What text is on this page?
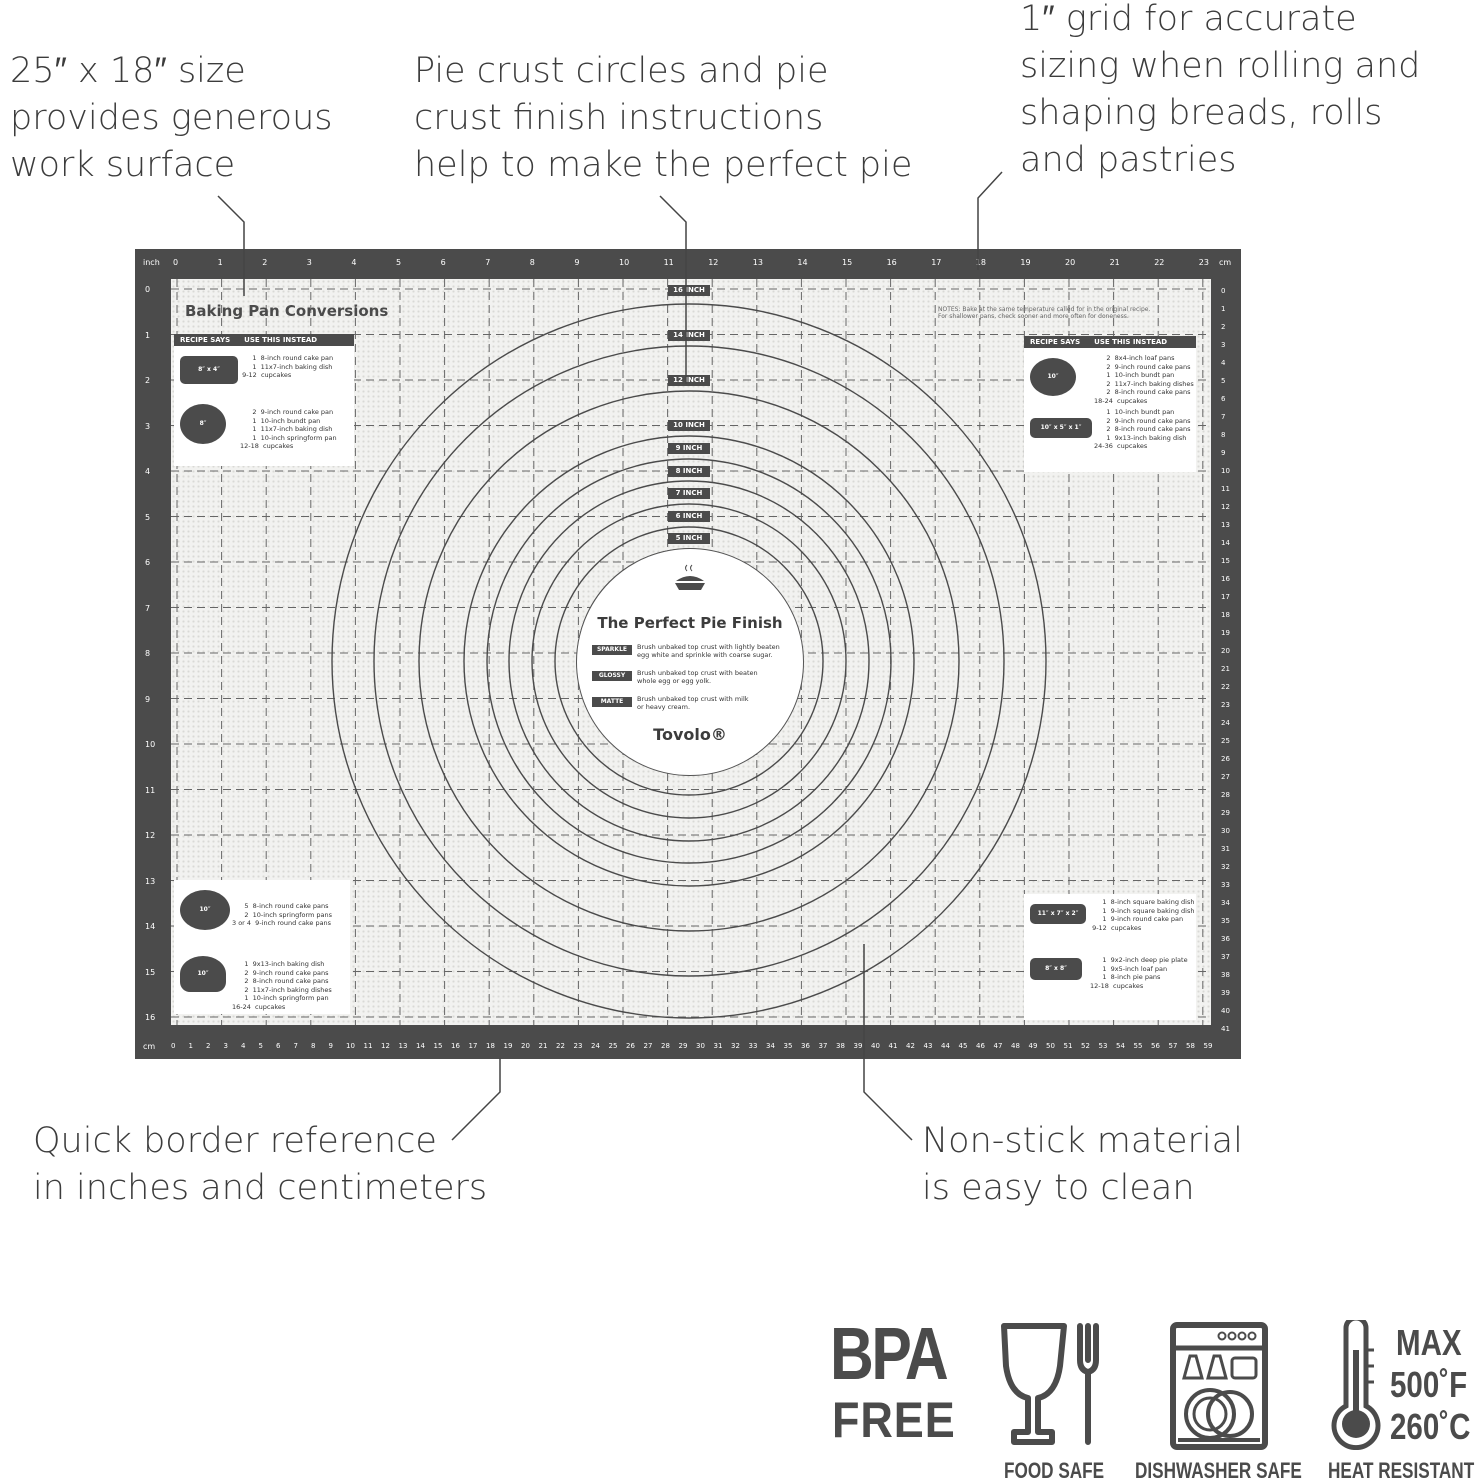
25″ x 18″ size
provides generous
work surface
Pie crust circles and pie
crust finish instructions
help to make the perfect pie
1″ grid for accurate
sizing when rolling and
shaping breads, rolls
and pastries
Quick border reference
in inches and centimeters
Non-stick material
is easy to clean
inch	cm
cm
0	1	2	3	4	5	6	7	8	9	10	11	12	13	14	15	16	17	18	19	20	21	22	23
0
1
2
3
4
5
6
7
8
9
10
11
12
13
14
15
16
0 1 2 3 4 5 6 7 8 9 10 11 12 13 14 15 16 17 18 19 20 21 22 23 24 25 26 27 28 29 30 31 32 33 34 35 36 37 38 39 40 41 42 43 44 45 46 47 48 49 50 51 52 53 54 55 56 57 58 59
0
1
2
3
4
5
6
7
8
9
10
11
12
13
14
15
16
17
18
19
20
21
22
23
24
25
26
27
28
29
30
31
32
33
34
35
36
37
38
39
40
41
Baking Pan Conversions	NOTES: Bake at the same temperature called for in the original recipe.
For shallower pans, check sooner and more often for doneness.
RECIPE SAYS USE THIS INSTEAD
8″ x 4″
1  8-inch round cake pan
1  11x7-inch baking dish
9-12  cupcakes
8″
2  9-inch round cake pan
1  10-inch bundt pan
1  11x7-inch baking dish
1  10-inch springform pan
12-18  cupcakes
RECIPE SAYS USE THIS INSTEAD
10″
2  8x4-inch loaf pans
2  9-inch round cake pans
1  10-inch bundt pan
2  11x7-inch baking dishes
2  8-inch round cake pans
18-24  cupcakes
10″ x 5″ x 1″
1  10-inch bundt pan
2  9-inch round cake pans
2  8-inch round cake pans
1  9x13-inch baking dish
24-36  cupcakes
10″	5  8-inch round cake pans
2  10-inch springform pans
3 or 4  9-inch round cake pans
10″
1  9x13-inch baking dish
2  9-inch round cake pans
2  8-inch round cake pans
2  11x7-inch baking dishes
1  10-inch springform pan
16-24  cupcakes
11″ x 7″ x 2″
1  8-inch square baking dish
1  9-inch square baking dish
1  9-inch round cake pan
9-12  cupcakes
8″ x 8″
1  9x2-inch deep pie plate
1  9x5-inch loaf pan
1  8-inch pie pans
12-18  cupcakes
16 INCH
14 INCH
12 INCH
10 INCH
9 INCH
8 INCH
7 INCH
6 INCH
5 INCH
The Perfect Pie Finish
SPARKLE	Brush unbaked top crust with lightly beaten
egg white and sprinkle with coarse sugar.
GLOSSY	Brush unbaked top crust with beaten
whole egg or egg yolk.
MATTE	Brush unbaked top crust with milk
or heavy cream.
Tovolo®
BPA
FREE
FOOD SAFE DISHWASHER SAFE
MAX
500˚F
260˚C
HEAT RESISTANT
